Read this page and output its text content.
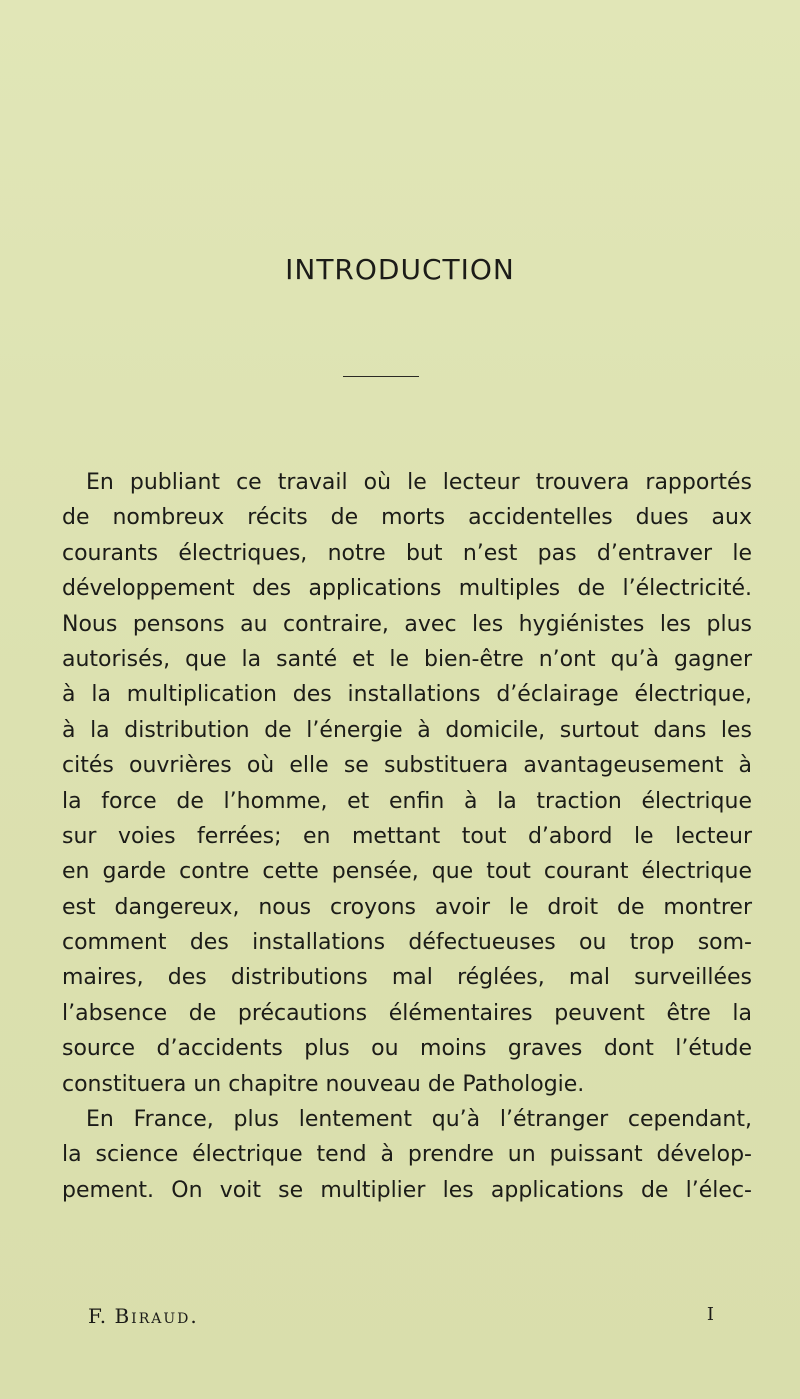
INTRODUCTION
En publiant ce travail où le lecteur trouvera rapportés
de nombreux récits de morts accidentelles dues aux
courants électriques, notre but n’est pas d’entraver le
développement des applications multiples de l’électricité.
Nous pensons au contraire, avec les hygiénistes les plus
autorisés, que la santé et le bien-être n’ont qu’à gagner
à la multiplication des installations d’éclairage électrique,
à la distribution de l’énergie à domicile, surtout dans les
cités ouvrières où elle se substituera avantageusement à
la force de l’homme, et enfin à la traction électrique
sur voies ferrées; en mettant tout d’abord le lecteur
en garde contre cette pensée, que tout courant électrique
est dangereux, nous croyons avoir le droit de montrer
comment des installations défectueuses ou trop som-
maires, des distributions mal réglées, mal surveillées
l’absence de précautions élémentaires peuvent être la
source d’accidents plus ou moins graves dont l’étude
constituera un chapitre nouveau de Pathologie.
En France, plus lentement qu’à l’étranger cependant,
la science électrique tend à prendre un puissant dévelop-
pement. On voit se multiplier les applications de l’élec-
F. Biraud.	I
